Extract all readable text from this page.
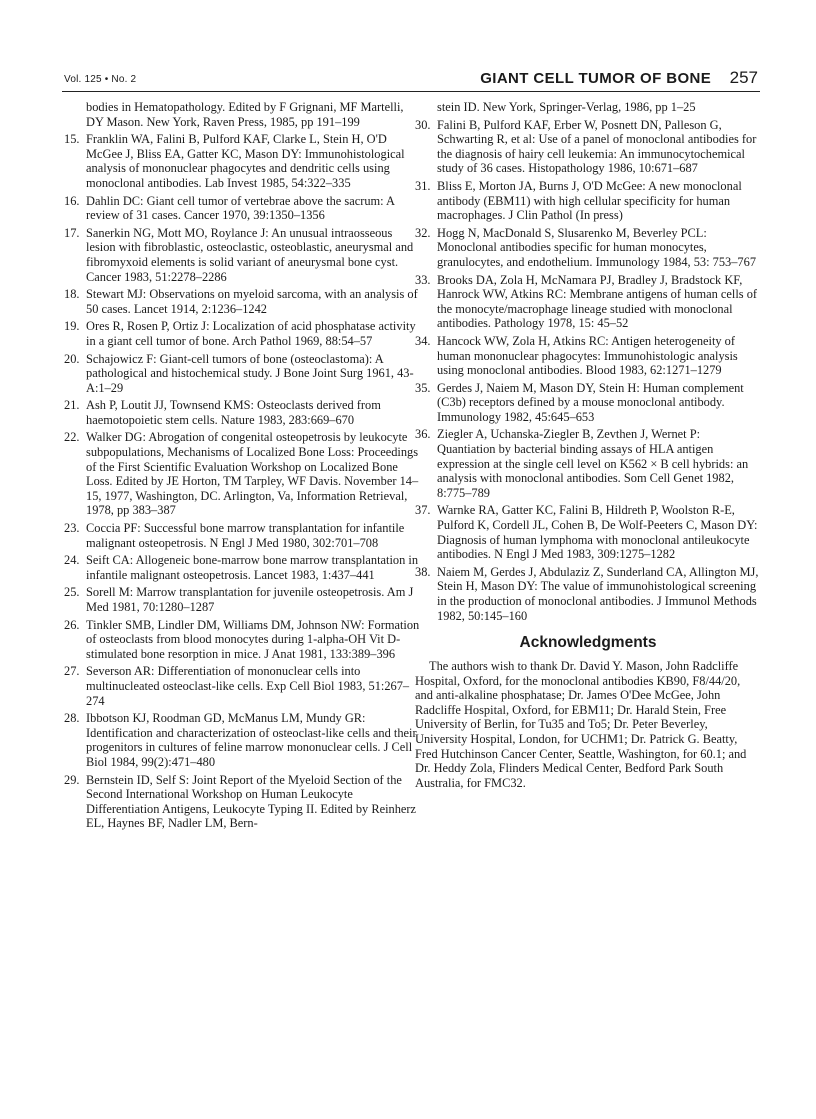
Vol. 125 • No. 2	GIANT CELL TUMOR OF BONE 257
bodies in Hematopathology. Edited by F Grignani, MF Martelli, DY Mason. New York, Raven Press, 1985, pp 191–199
15. Franklin WA, Falini B, Pulford KAF, Clarke L, Stein H, O'D McGee J, Bliss EA, Gatter KC, Mason DY: Immunohistological analysis of mononuclear phagocytes and dendritic cells using monoclonal antibodies. Lab Invest 1985, 54:322–335
16. Dahlin DC: Giant cell tumor of vertebrae above the sacrum: A review of 31 cases. Cancer 1970, 39:1350–1356
17. Sanerkin NG, Mott MO, Roylance J: An unusual intraosseous lesion with fibroblastic, osteoclastic, osteoblastic, aneurysmal and fibromyxoid elements is solid variant of aneurysmal bone cyst. Cancer 1983, 51:2278–2286
18. Stewart MJ: Observations on myeloid sarcoma, with an analysis of 50 cases. Lancet 1914, 2:1236–1242
19. Ores R, Rosen P, Ortiz J: Localization of acid phosphatase activity in a giant cell tumor of bone. Arch Pathol 1969, 88:54–57
20. Schajowicz F: Giant-cell tumors of bone (osteoclastoma): A pathological and histochemical study. J Bone Joint Surg 1961, 43-A:1–29
21. Ash P, Loutit JJ, Townsend KMS: Osteoclasts derived from haemotopoietic stem cells. Nature 1983, 283:669–670
22. Walker DG: Abrogation of congenital osteopetrosis by leukocyte subpopulations, Mechanisms of Localized Bone Loss: Proceedings of the First Scientific Evaluation Workshop on Localized Bone Loss. Edited by JE Horton, TM Tarpley, WF Davis. November 14–15, 1977, Washington, DC. Arlington, Va, Information Retrieval, 1978, pp 383–387
23. Coccia PF: Successful bone marrow transplantation for infantile malignant osteopetrosis. N Engl J Med 1980, 302:701–708
24. Seift CA: Allogeneic bone-marrow bone marrow transplantation in infantile malignant osteopetrosis. Lancet 1983, 1:437–441
25. Sorell M: Marrow transplantation for juvenile osteopetrosis. Am J Med 1981, 70:1280–1287
26. Tinkler SMB, Lindler DM, Williams DM, Johnson NW: Formation of osteoclasts from blood monocytes during 1-alpha-OH Vit D-stimulated bone resorption in mice. J Anat 1981, 133:389–396
27. Severson AR: Differentiation of mononuclear cells into multinucleated osteoclast-like cells. Exp Cell Biol 1983, 51:267–274
28. Ibbotson KJ, Roodman GD, McManus LM, Mundy GR: Identification and characterization of osteoclast-like cells and their progenitors in cultures of feline marrow mononuclear cells. J Cell Biol 1984, 99(2):471–480
29. Bernstein ID, Self S: Joint Report of the Myeloid Section of the Second International Workshop on Human Leukocyte Differentiation Antigens, Leukocyte Typing II. Edited by Reinherz EL, Haynes BF, Nadler LM, Bern-
stein ID. New York, Springer-Verlag, 1986, pp 1–25
30. Falini B, Pulford KAF, Erber W, Posnett DN, Palleson G, Schwarting R, et al: Use of a panel of monoclonal antibodies for the diagnosis of hairy cell leukemia: An immunocytochemical study of 36 cases. Histopathology 1986, 10:671–687
31. Bliss E, Morton JA, Burns J, O'D McGee: A new monoclonal antibody (EBM11) with high cellular specificity for human macrophages. J Clin Pathol (In press)
32. Hogg N, MacDonald S, Slusarenko M, Beverley PCL: Monoclonal antibodies specific for human monocytes, granulocytes, and endothelium. Immunology 1984, 53: 753–767
33. Brooks DA, Zola H, McNamara PJ, Bradley J, Bradstock KF, Hanrock WW, Atkins RC: Membrane antigens of human cells of the monocyte/macrophage lineage studied with monoclonal antibodies. Pathology 1978, 15: 45–52
34. Hancock WW, Zola H, Atkins RC: Antigen heterogeneity of human mononuclear phagocytes: Immunohistologic analysis using monoclonal antibodies. Blood 1983, 62:1271–1279
35. Gerdes J, Naiem M, Mason DY, Stein H: Human complement (C3b) receptors defined by a mouse monoclonal antibody. Immunology 1982, 45:645–653
36. Ziegler A, Uchanska-Ziegler B, Zevthen J, Wernet P: Quantiation by bacterial binding assays of HLA antigen expression at the single cell level on K562 × B cell hybrids: an analysis with monoclonal antibodies. Som Cell Genet 1982, 8:775–789
37. Warnke RA, Gatter KC, Falini B, Hildreth P, Woolston R-E, Pulford K, Cordell JL, Cohen B, De Wolf-Peeters C, Mason DY: Diagnosis of human lymphoma with monoclonal antileukocyte antibodies. N Engl J Med 1983, 309:1275–1282
38. Naiem M, Gerdes J, Abdulaziz Z, Sunderland CA, Allington MJ, Stein H, Mason DY: The value of immunohistological screening in the production of monoclonal antibodies. J Immunol Methods 1982, 50:145–160
Acknowledgments
The authors wish to thank Dr. David Y. Mason, John Radcliffe Hospital, Oxford, for the monoclonal antibodies KB90, F8/44/20, and anti-alkaline phosphatase; Dr. James O'Dee McGee, John Radcliffe Hospital, Oxford, for EBM11; Dr. Harald Stein, Free University of Berlin, for Tu35 and To5; Dr. Peter Beverley, University Hospital, London, for UCHM1; Dr. Patrick G. Beatty, Fred Hutchinson Cancer Center, Seattle, Washington, for 60.1; and Dr. Heddy Zola, Flinders Medical Center, Bedford Park South Australia, for FMC32.
